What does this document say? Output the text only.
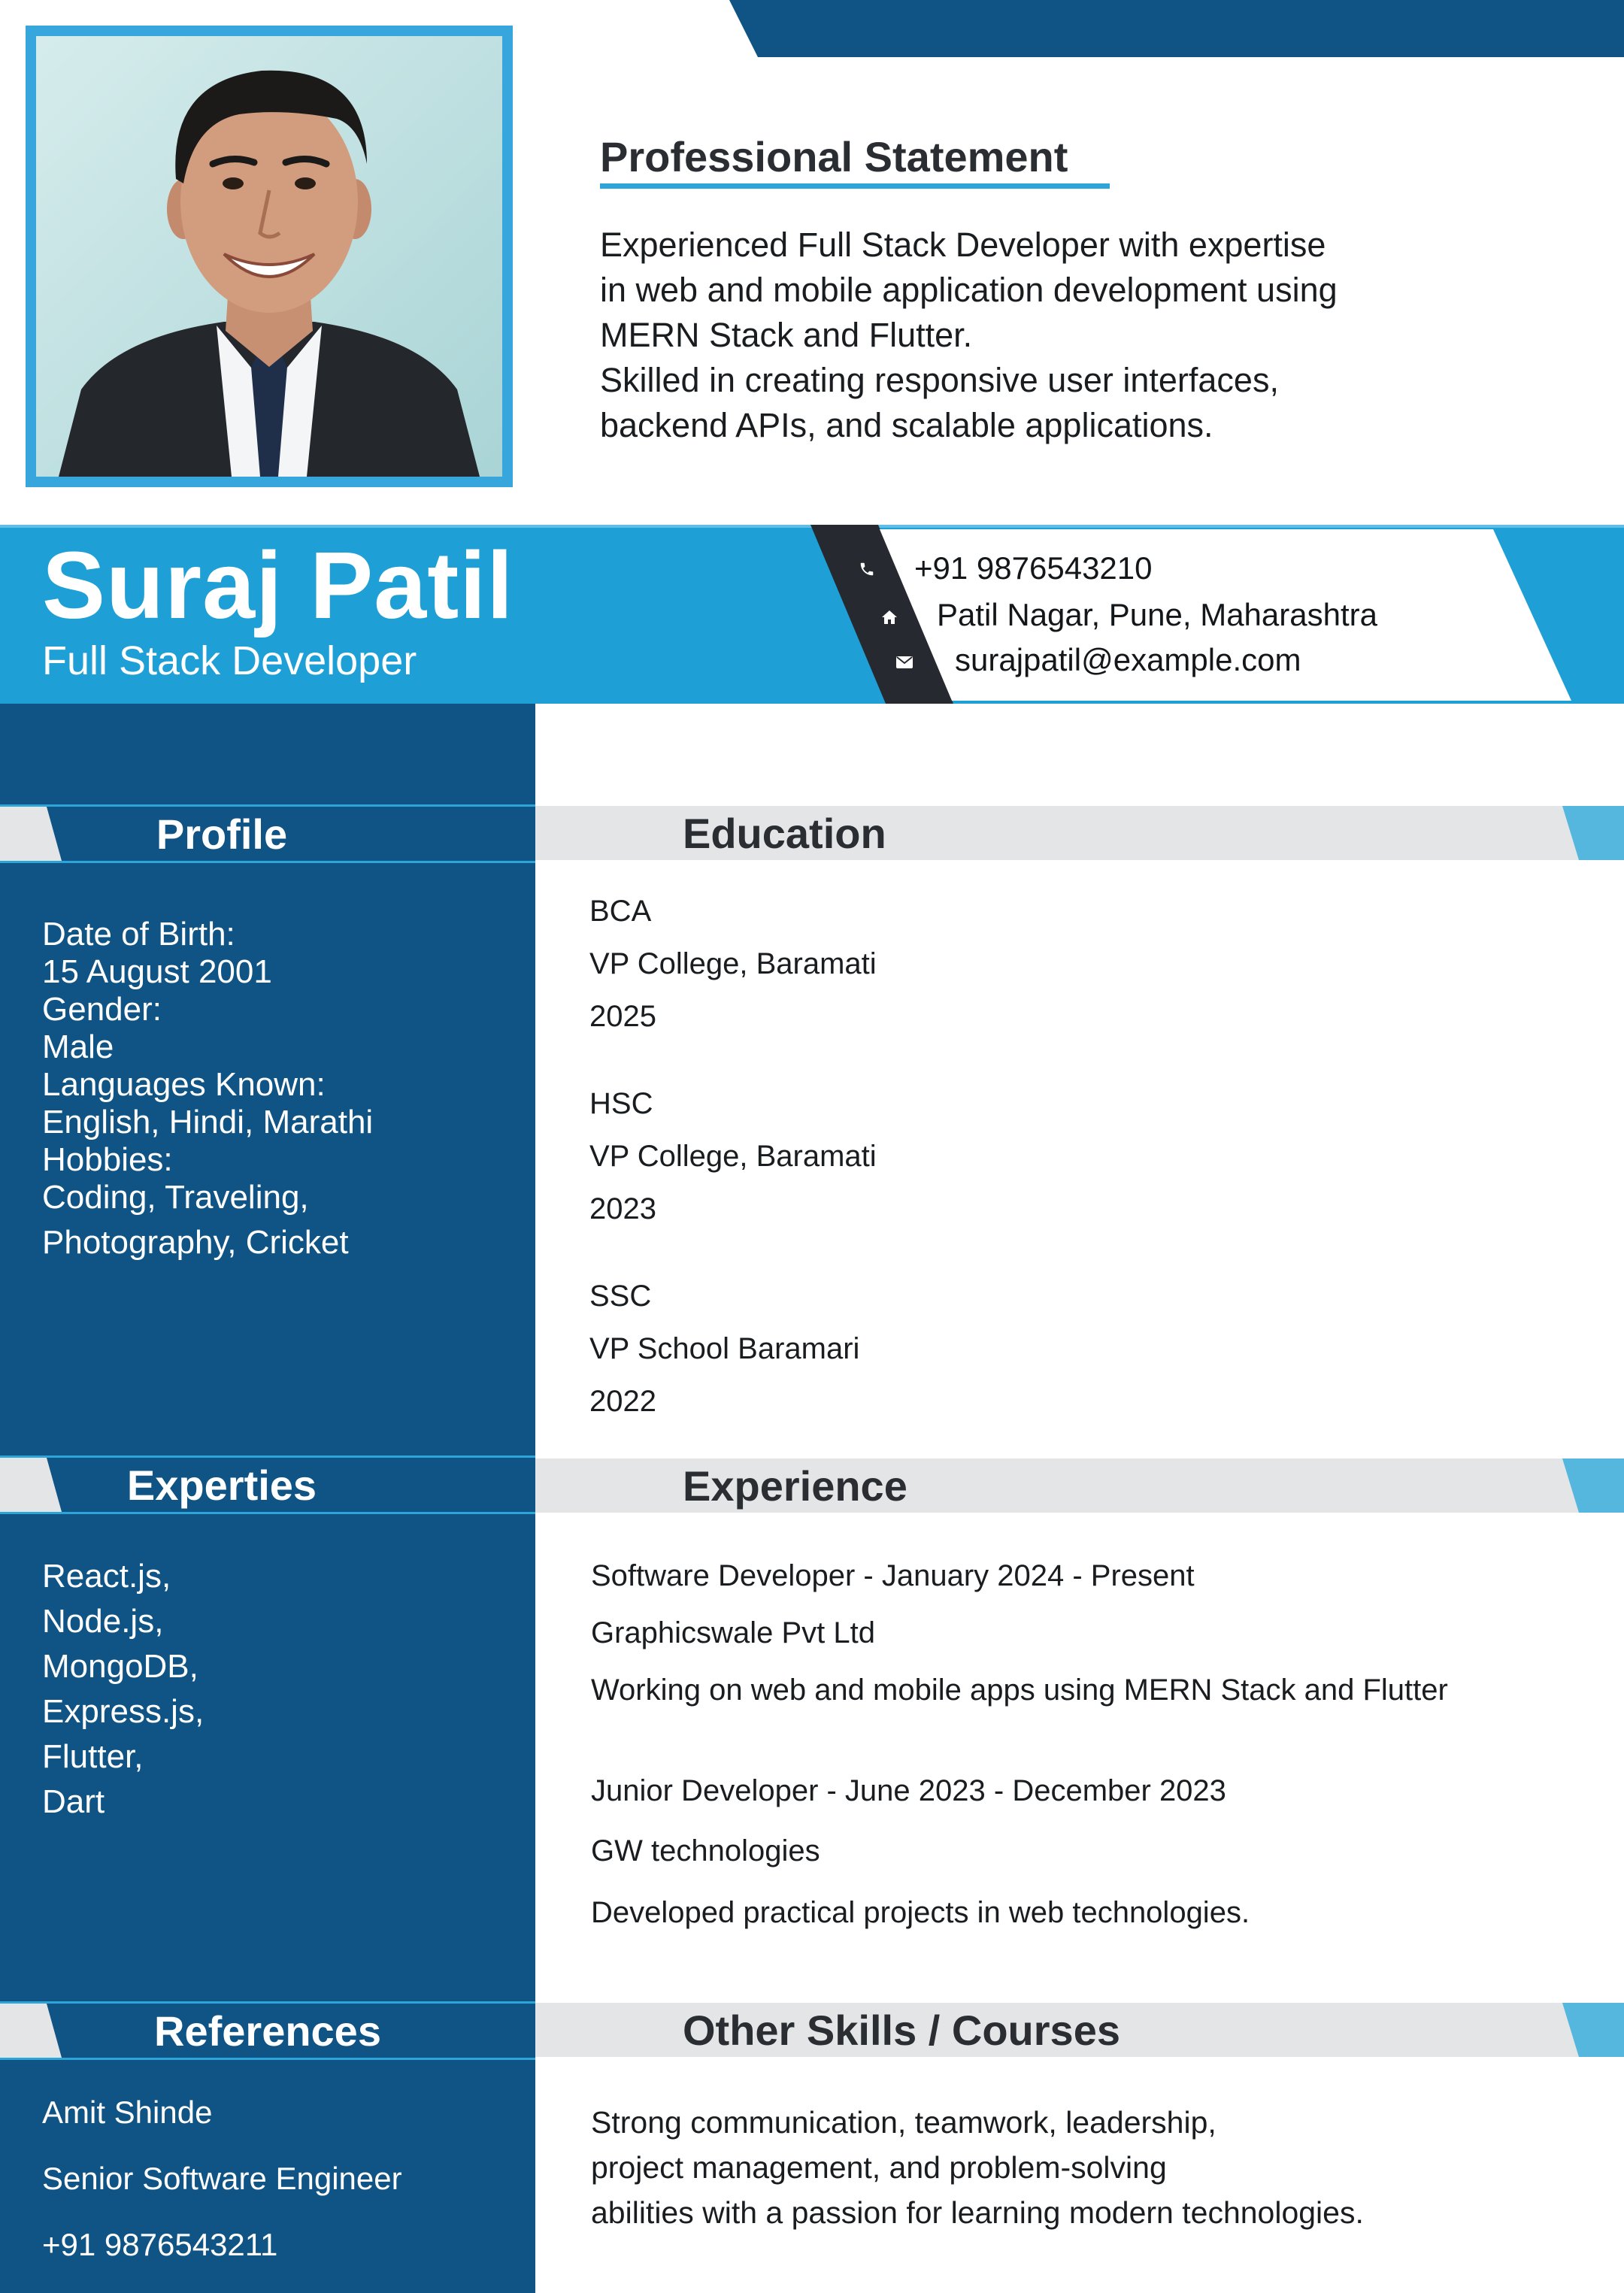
Professional Statement
Experienced Full Stack Developer with expertise
in web and mobile application development using
MERN Stack and Flutter.
Skilled in creating responsive user interfaces,
backend APIs, and scalable applications.
Suraj Patil
Full Stack Developer
+91 9876543210
Patil Nagar, Pune, Maharashtra
surajpatil@example.com
Profile	Education
Date of Birth:
15 August 2001
Gender:
Male
Languages Known:
English, Hindi, Marathi
Hobbies:
Coding, Traveling,
Photography, Cricket
BCA
VP College, Baramati
2025
HSC
VP College, Baramati
2023
SSC
VP School Baramari
2022
Experties	Experience
React.js,
Node.js,
MongoDB,
Express.js,
Flutter,
Dart
Software Developer - January 2024 - Present
Graphicswale Pvt Ltd
Working on web and mobile apps using MERN Stack and Flutter
Junior Developer - June 2023 - December 2023
GW technologies
Developed practical projects in web technologies.
References	Other Skills / Courses
Amit Shinde
Senior Software Engineer
+91 9876543211
Strong communication, teamwork, leadership,
project management, and problem-solving
abilities with a passion for learning modern technologies.
